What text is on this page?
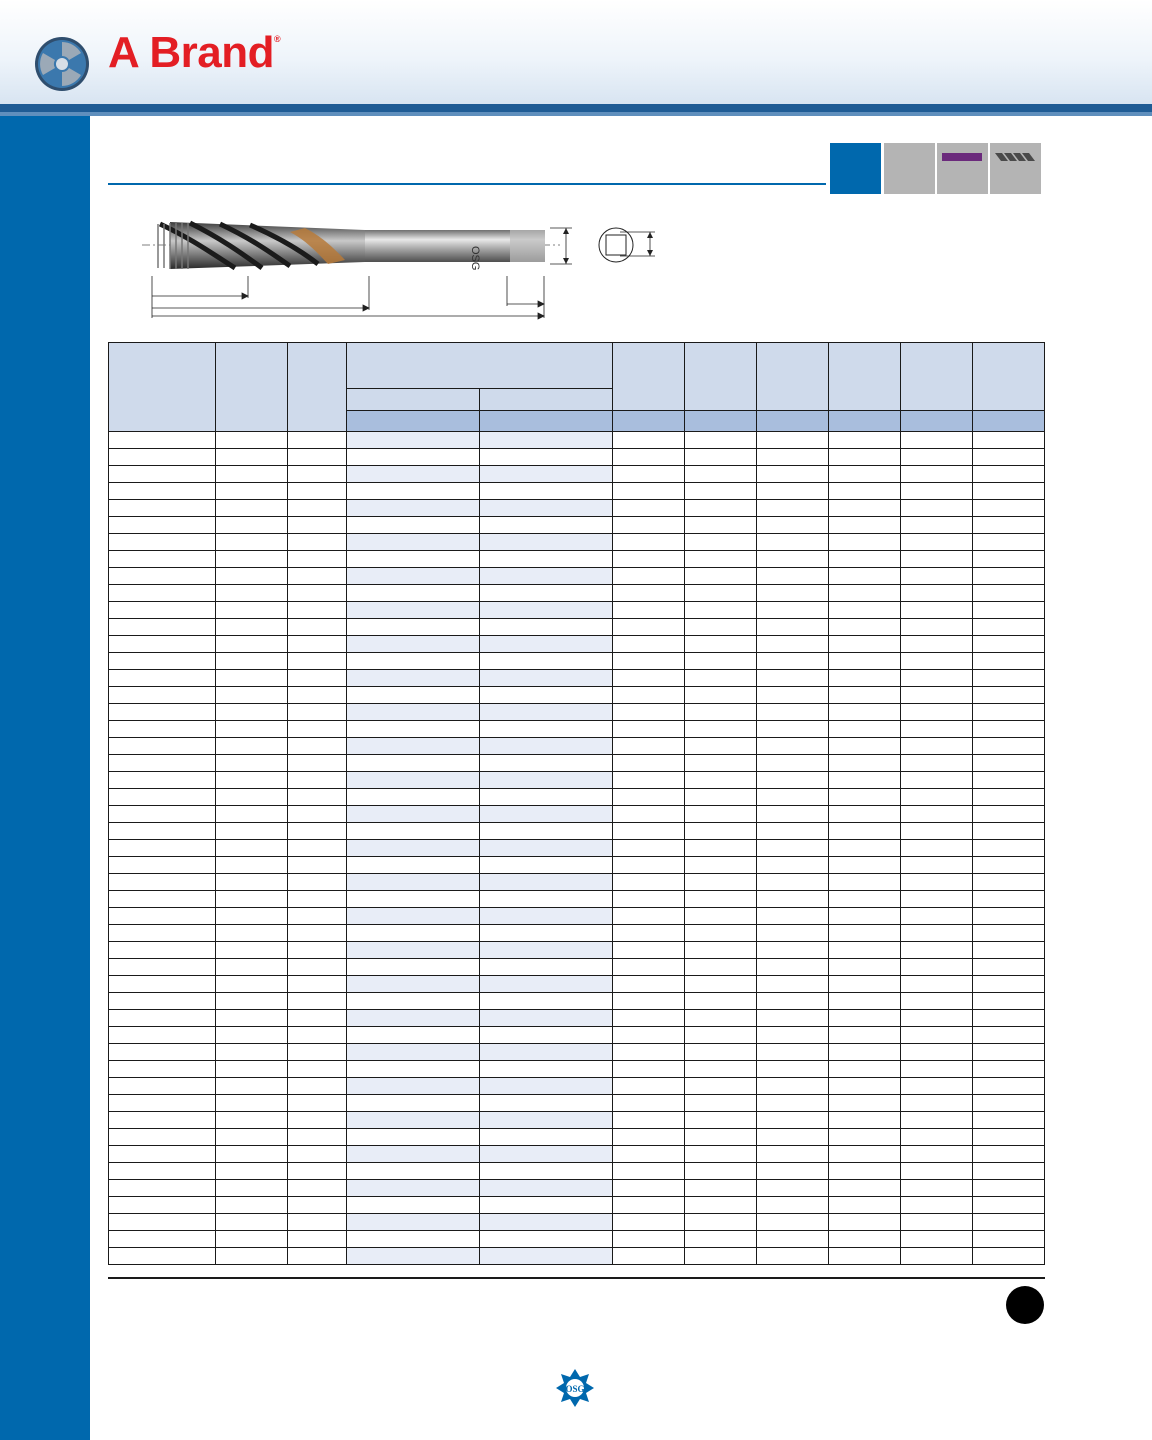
A Brand®
OSG

OSG
